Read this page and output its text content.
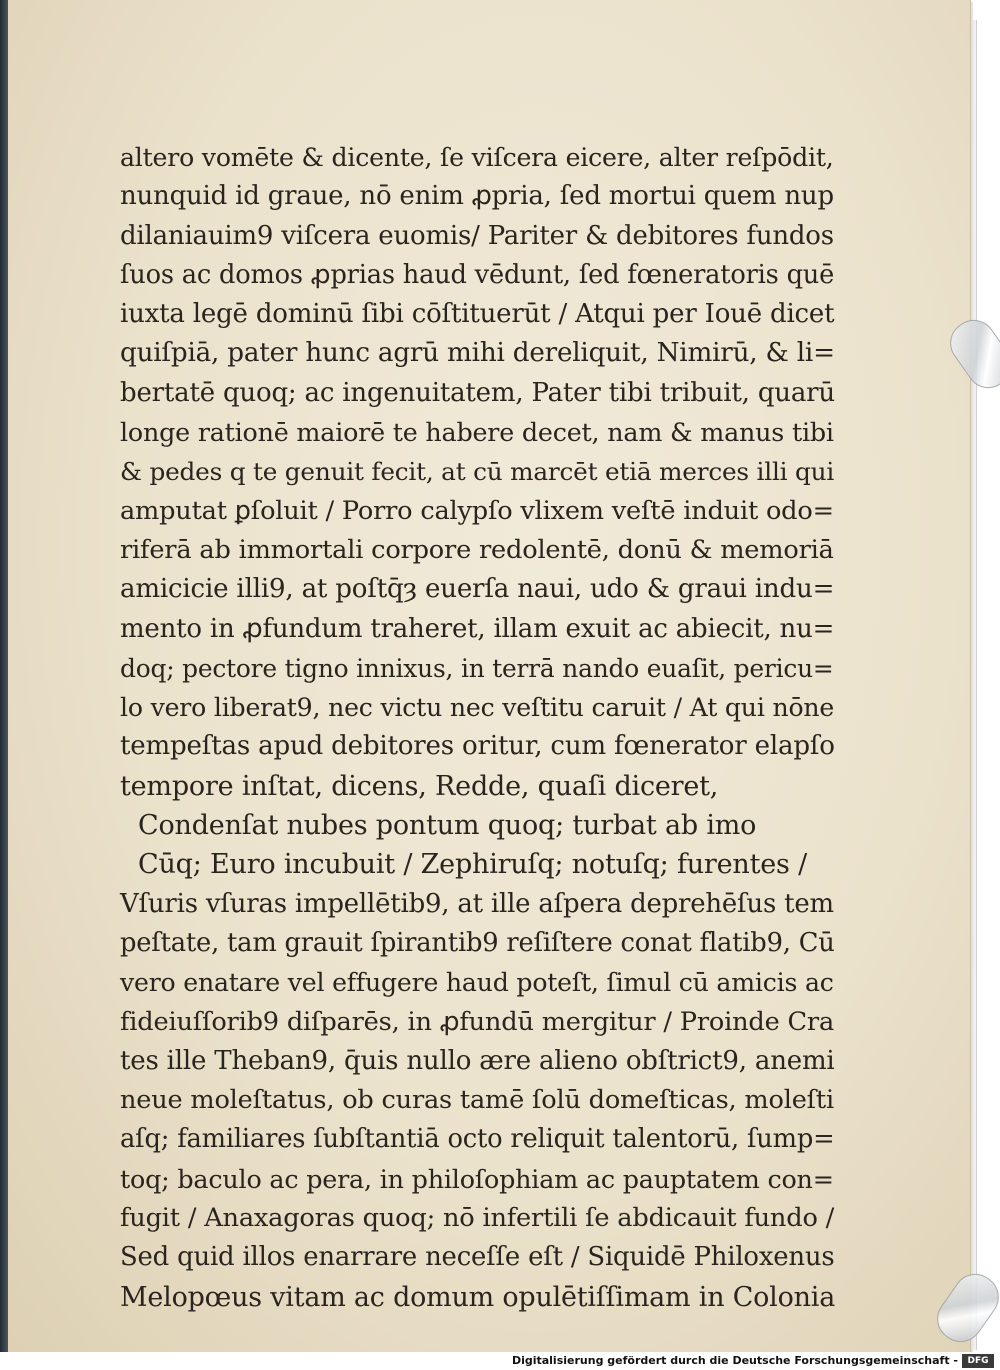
altero vomēte & dicente, ſe viſcera eicere, alter reſpōdit,
nunquid id graue, nō enim ꝓpria, ſed mortui quem nup
dilaniauim9 viſcera euomis/ Pariter & debitores fundos
ſuos ac domos ꝓprias haud vēdunt, ſed fœneratoris quē
iuxta legē dominū ſibi cōſtituerūt / Atqui per Iouē dicet
quiſpiā, pater hunc agrū mihi dereliquit, Nimirū, & li=
bertatē quoq; ac ingenuitatem, Pater tibi tribuit, quarū
longe rationē maiorē te habere decet, nam & manus tibi
& pedes q te genuit fecit, at cū marcēt etiā merces illi qui
amputat ꝑſoluit / Porro calypſo vlixem veſtē induit odo=
riferā ab immortali corpore redolentē, donū & memoriā
amicicie illi9, at poſtq̄ȝ euerſa naui, udo & graui indu=
mento in ꝓfundum traheret, illam exuit ac abiecit, nu=
doq; pectore tigno innixus, in terrā nando euaſit, pericu=
lo vero liberat9, nec victu nec veſtitu caruit / At qui nōne
tempeſtas apud debitores oritur, cum fœnerator elapſo
tempore inſtat, dicens, Redde, quaſi diceret,
Condenſat nubes pontum quoq; turbat ab imo
Cūq; Euro incubuit / Zephiruſq; notuſq; furentes /
Vſuris vſuras impellētib9, at ille aſpera deprehēſus tem
peſtate, tam grauit ſpirantib9 reſiſtere conat flatib9, Cū
vero enatare vel effugere haud poteſt, ſimul cū amicis ac
fideiuſſorib9 diſparēs, in ꝓfundū mergitur / Proinde Cra
tes ille Theban9, q̄uis nullo ære alieno obſtrict9, anemi
neue moleſtatus, ob curas tamē ſolū domeſticas, moleſti
aſq; familiares ſubſtantiā octo reliquit talentorū, ſump=
toq; baculo ac pera, in philoſophiam ac pauptatem con=
fugit / Anaxagoras quoq; nō infertili ſe abdicauit fundo /
Sed quid illos enarrare neceſſe eſt / Siquidē Philoxenus
Melopœus vitam ac domum opulētiſſimam in Colonia
Digitalisierung gefördert durch die Deutsche Forschungsgemeinschaft -	DFG
